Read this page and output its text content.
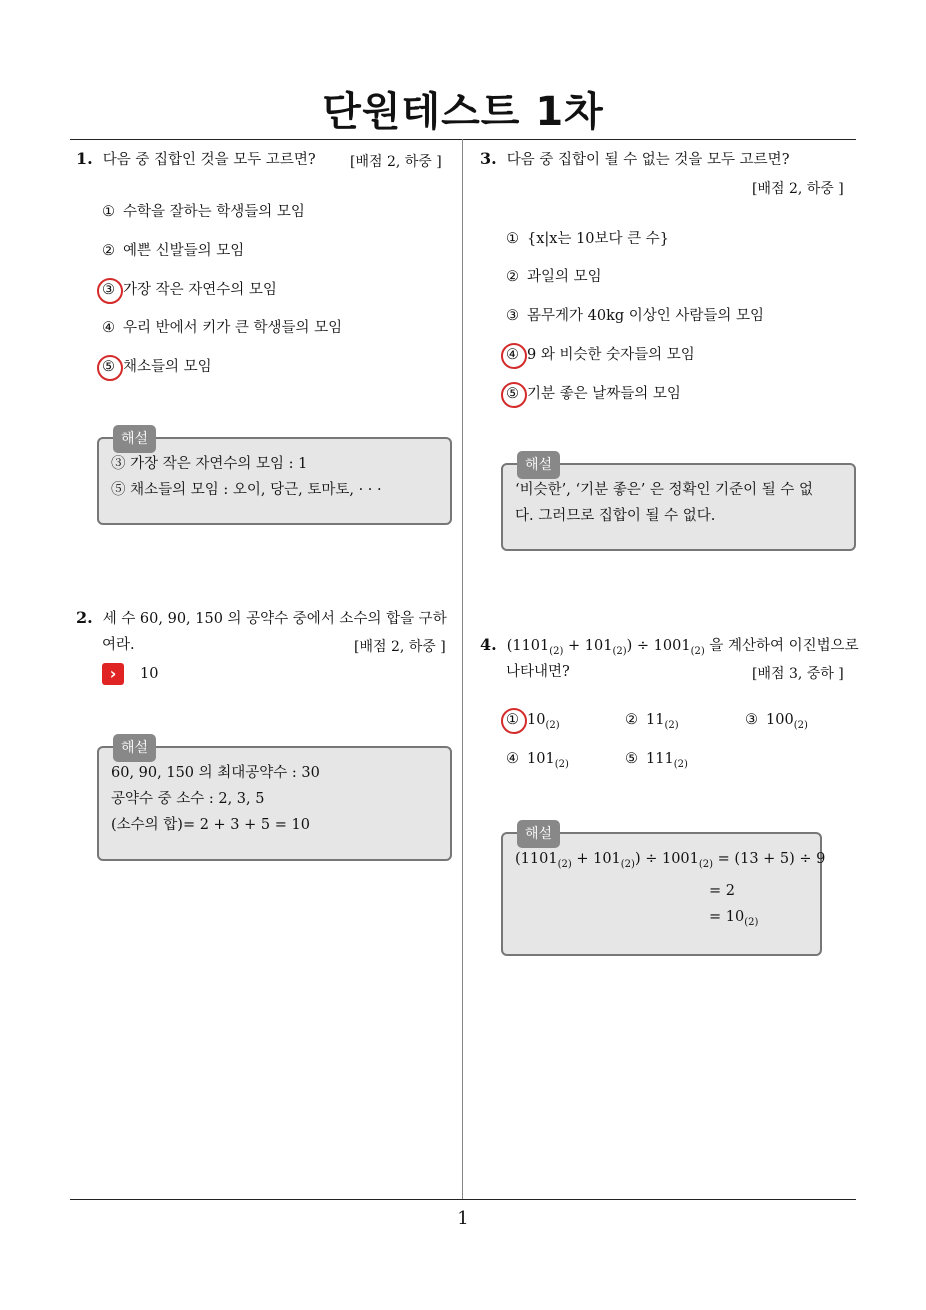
단원테스트 1차
1
1. 다음 중 집합인 것을 모두 고르면? [배점 2, 하중 ]
① 수학을 잘하는 학생들의 모임
② 예쁜 신발들의 모임
③ 가장 작은 자연수의 모임
④ 우리 반에서 키가 큰 학생들의 모임
⑤ 채소들의 모임
해설
③ 가장 작은 자연수의 모임 : 1
⑤ 채소들의 모임 : 오이, 당근, 토마토, · · ·
2. 세 수 60, 90, 150 의 공약수 중에서 소수의 합을 구하
여라.	[배점 2, 하중 ]
› 10
해설
60, 90, 150 의 최대공약수 : 30
공약수 중 소수 : 2, 3, 5
(소수의 합)= 2 + 3 + 5 = 10
3. 다음 중 집합이 될 수 없는 것을 모두 고르면?
[배점 2, 하중 ]
① {x|x는 10보다 큰 수}
② 과일의 모임
③ 몸무게가 40kg 이상인 사람들의 모임
④ 9 와 비슷한 숫자들의 모임
⑤ 기분 좋은 날짜들의 모임
해설
‘비슷한’, ‘기분 좋은’ 은 정확인 기준이 될 수 없
다. 그러므로 집합이 될 수 없다.
4. $(1101_{(2)} + 101_{(2)}) \div 1001_{(2)}$ 을 계산하여 이진법으로
나타내면?	[배점 3, 중하 ]
① $10_{(2)}$	② $11_{(2)}$	③ $100_{(2)}$
④ $101_{(2)}$	⑤ $111_{(2)}$
해설
$(1101_{(2)} + 101_{(2)}) \div 1001_{(2)} = (13 + 5) \div 9$
= 2
= $10_{(2)}$
